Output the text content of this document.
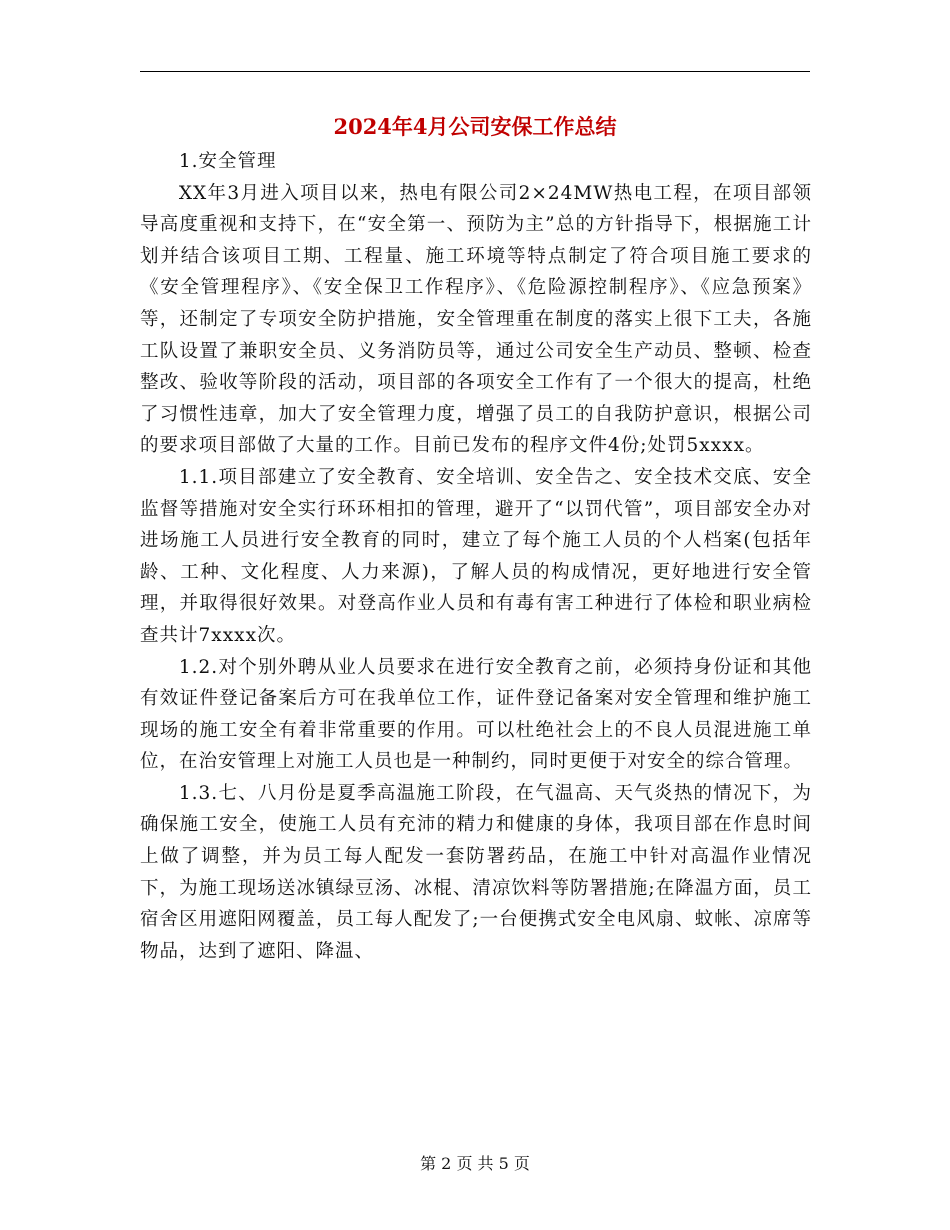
2024年4月公司安保工作总结

1.安全管理

XX年3月进入项目以来，热电有限公司2×24MW热电工程，在项目部领导高度重视和支持下，在“安全第一、预防为主”总的方针指导下，根据施工计划并结合该项目工期、工程量、施工环境等特点制定了符合项目施工要求的《安全管理程序》、《安全保卫工作程序》、《危险源控制程序》、《应急预案》等，还制定了专项安全防护措施，安全管理重在制度的落实上很下工夫，各施工队设置了兼职安全员、义务消防员等，通过公司安全生产动员、整顿、检查整改、验收等阶段的活动，项目部的各项安全工作有了一个很大的提高，杜绝了习惯性违章，加大了安全管理力度，增强了员工的自我防护意识，根据公司的要求项目部做了大量的工作。目前已发布的程序文件4份;处罚5xxxx。

1.1.项目部建立了安全教育、安全培训、安全告之、安全技术交底、安全监督等措施对安全实行环环相扣的管理，避开了“以罚代管”，项目部安全办对进场施工人员进行安全教育的同时，建立了每个施工人员的个人档案(包括年龄、工种、文化程度、人力来源)，了解人员的构成情况，更好地进行安全管理，并取得很好效果。对登高作业人员和有毒有害工种进行了体检和职业病检查共计7xxxx次。

1.2.对个别外聘从业人员要求在进行安全教育之前，必须持身份证和其他有效证件登记备案后方可在我单位工作，证件登记备案对安全管理和维护施工现场的施工安全有着非常重要的作用。可以杜绝社会上的不良人员混进施工单位，在治安管理上对施工人员也是一种制约，同时更便于对安全的综合管理。

1.3.七、八月份是夏季高温施工阶段，在气温高、天气炎热的情况下，为确保施工安全，使施工人员有充沛的精力和健康的身体，我项目部在作息时间上做了调整，并为员工每人配发一套防署药品，在施工中针对高温作业情况下，为施工现场送冰镇绿豆汤、冰棍、清凉饮料等防署措施;在降温方面，员工宿舍区用遮阳网覆盖，员工每人配发了;一台便携式安全电风扇、蚊帐、凉席等物品，达到了遮阳、降温、

第 2 页 共 5 页
